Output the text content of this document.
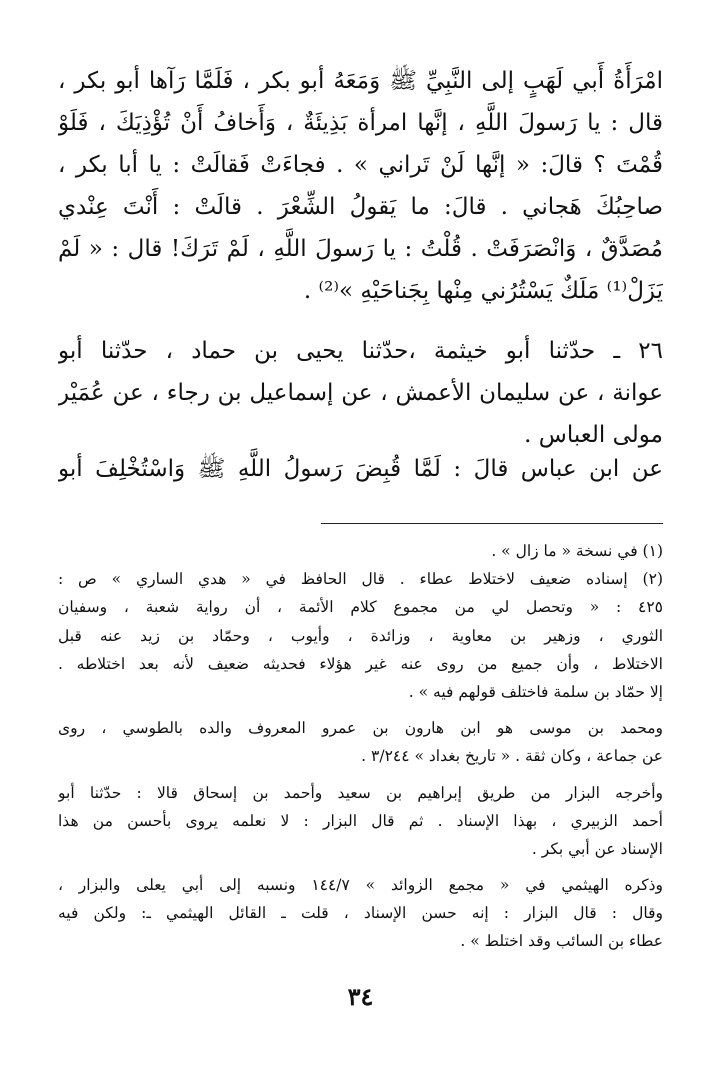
امْرَأَةُ أَبي لَهَبٍ إلى النَّبِيِّ ﷺ وَمَعَهُ أبو بكر ، فَلَمَّا رَآها أبو بكر ،
قال : يا رَسولَ اللَّهِ ، إنَّها امرأة بَذِيئَةٌ ، وَأَخافُ أَنْ تُؤْذِيَكَ ، فَلَوْ
قُمْتَ ؟ قالَ: « إنَّها لَنْ تَراني » . فجاءَتْ فَقالَتْ : يا أبا بكر ،
صاحِبُكَ هَجاني . قالَ: ما يَقولُ الشِّعْرَ . قالَتْ : أَنْتَ عِنْدي
مُصَدَّقٌ ، وَانْصَرَفَتْ . قُلْتُ : يا رَسولَ اللَّهِ ، لَمْ تَرَكَ! قال : « لَمْ
يَزَلْ⁽¹⁾ مَلَكٌ يَسْتُرُني مِنْها بِجَناحَيْهِ »⁽²⁾ .
٢٦ ـ حدّثنا أبو خيثمة ،حدّثنا يحيى بن حماد ، حدّثنا أبو
عوانة ، عن سليمان الأعمش ، عن إسماعيل بن رجاء ، عن عُمَيْر
مولى العباس .
عن ابن عباس قالَ : لَمَّا قُبِضَ رَسولُ اللَّهِ ﷺ وَاسْتُخْلِفَ أبو
(١) في نسخة « ما زال » .
(٢) إسناده ضعيف لاختلاط عطاء . قال الحافظ في « هدي الساري » ص :
٤٢٥ : « وتحصل لي من مجموع كلام الأئمة ، أن رواية شعبة ، وسفيان
الثوري ، وزهير بن معاوية ، وزائدة ، وأيوب ، وحمّاد بن زيد عنه قبل
الاختلاط ، وأن جميع من روى عنه غير هؤلاء فحديثه ضعيف لأنه بعد اختلاطه .
إلا حمّاد بن سلمة فاختلف قولهم فيه » .
ومحمد بن موسى هو ابن هارون بن عمرو المعروف والده بالطوسي ، روى
عن جماعة ، وكان ثقة . « تاريخ بغداد » ٣/٢٤٤ .
وأخرجه البزار من طريق إبراهيم بن سعيد وأحمد بن إسحاق قالا : حدّثنا أبو
أحمد الزبيري ، بهذا الإسناد . ثم قال البزار : لا نعلمه يروى بأحسن من هذا
الإسناد عن أبي بكر .
وذكره الهيثمي في « مجمع الزوائد » ١٤٤/٧ ونسبه إلى أبي يعلى والبزار ،
وقال : قال البزار : إنه حسن الإسناد ، قلت ـ القائل الهيثمي ـ: ولكن فيه
عطاء بن السائب وقد اختلط » .
٣٤
